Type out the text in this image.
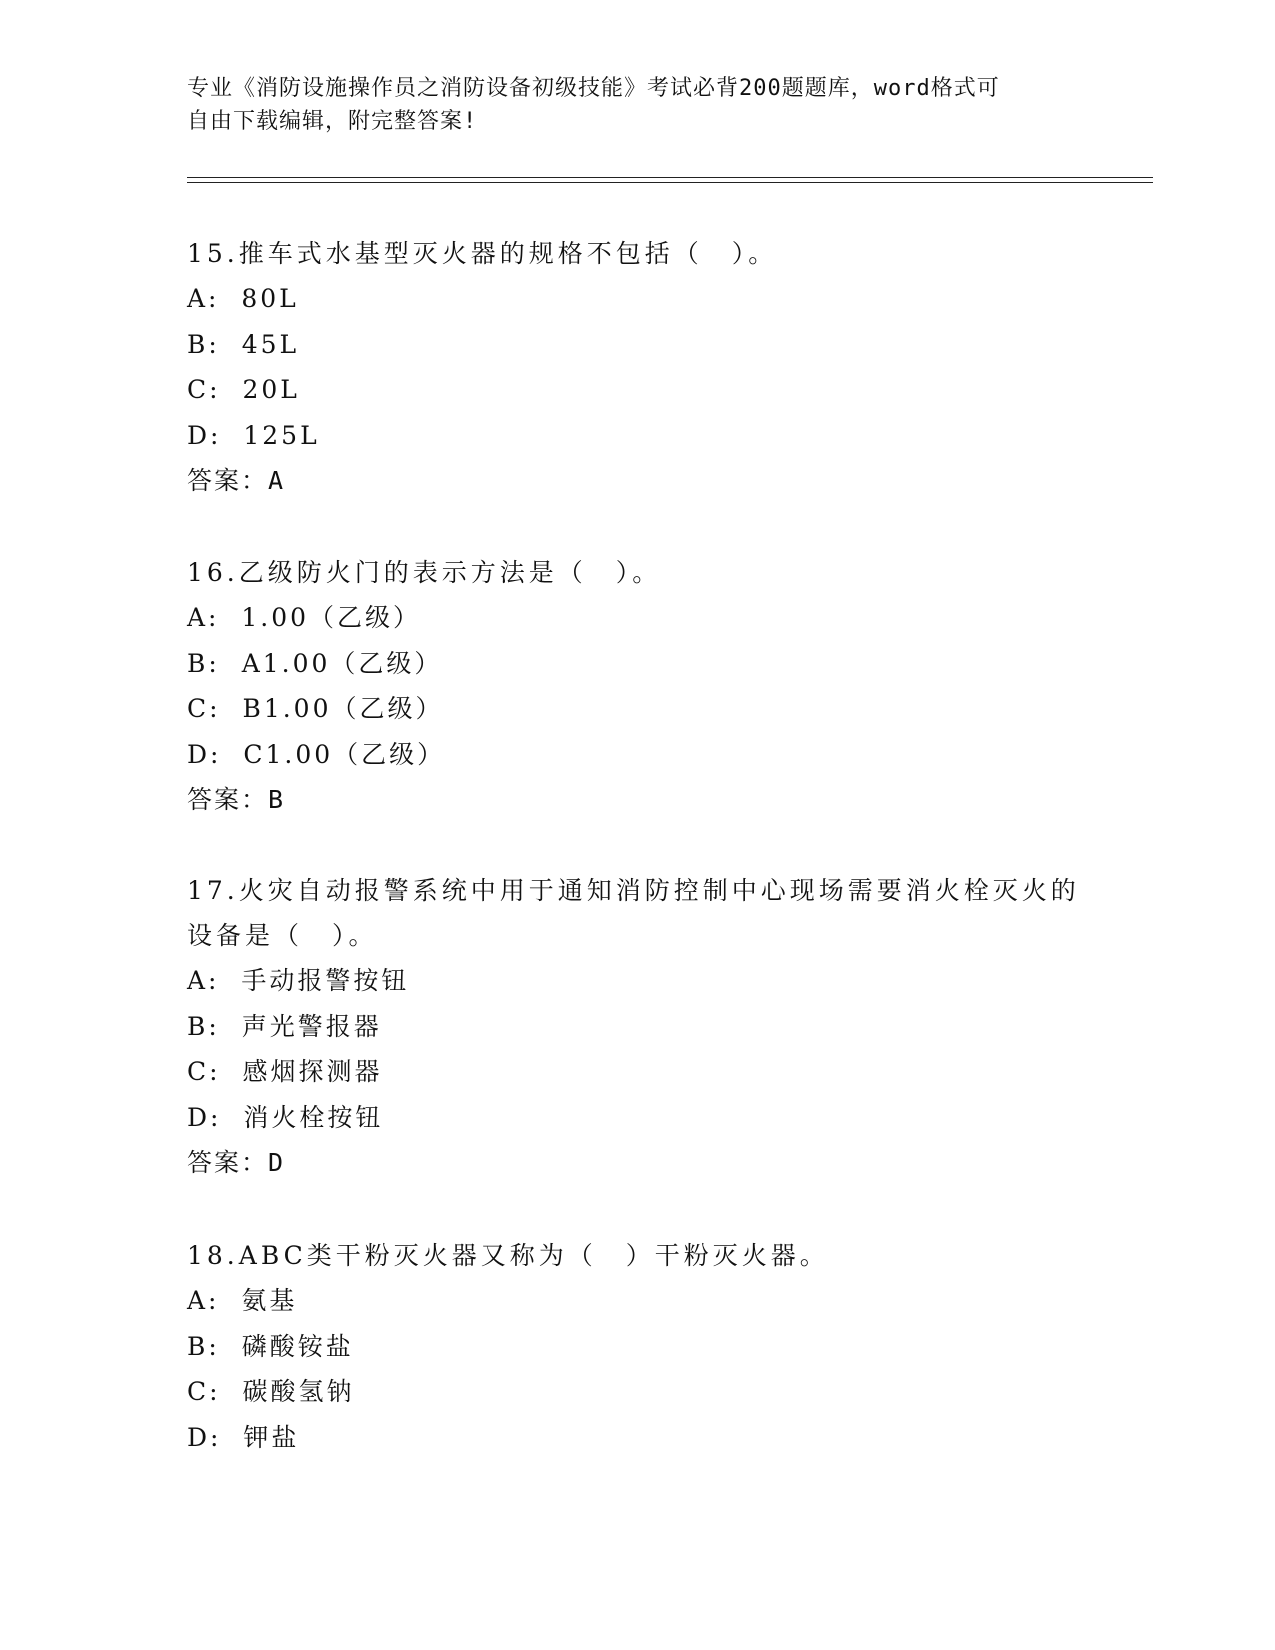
专业《消防设施操作员之消防设备初级技能》考试必背200题题库，word格式可
自由下载编辑，附完整答案!
15.推车式水基型灭火器的规格不包括（　）。
A:  80L
B:  45L
C:  20L
D:  125L
答案：A
16.乙级防火门的表示方法是（　）。
A:  1.00（乙级）
B:  A1.00（乙级）
C:  B1.00（乙级）
D:  C1.00（乙级）
答案：B
17.火灾自动报警系统中用于通知消防控制中心现场需要消火栓灭火的设备是（　）。
A:  手动报警按钮
B:  声光警报器
C:  感烟探测器
D:  消火栓按钮
答案：D
18.ABC类干粉灭火器又称为（　）干粉灭火器。
A:  氨基
B:  磷酸铵盐
C:  碳酸氢钠
D:  钾盐
